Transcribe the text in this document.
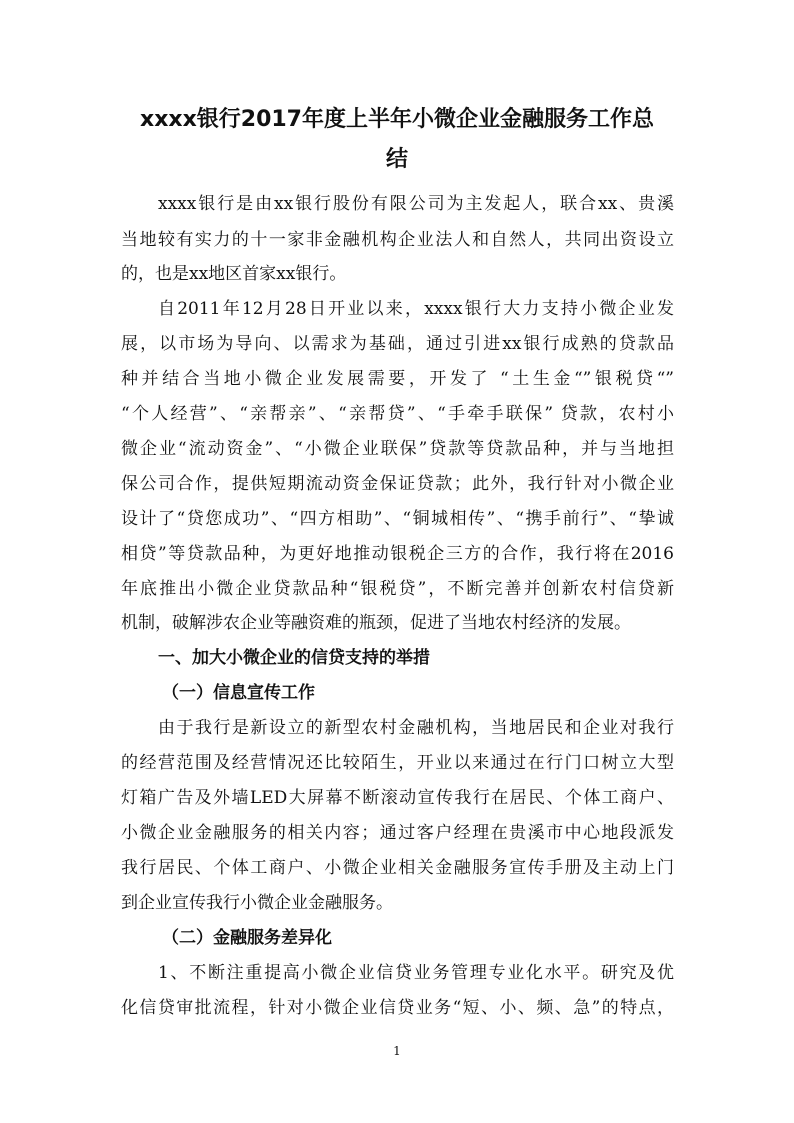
xxxx银行2017年度上半年小微企业金融服务工作总
结
xxxx银行是由xx银行股份有限公司为主发起人，联合xx、贵溪
当地较有实力的十一家非金融机构企业法人和自然人，共同出资设立
的，也是xx地区首家xx银行。
自2011年12月28日开业以来，xxxx银行大力支持小微企业发
展，以市场为导向、以需求为基础，通过引进xx银行成熟的贷款品
种并结合当地小微企业发展需要，开发了 “土生金“”银税贷“”
“个人经营”、“亲帮亲”、“亲帮贷”、“手牵手联保” 贷款，农村小
微企业“流动资金”、“小微企业联保”贷款等贷款品种，并与当地担
保公司合作，提供短期流动资金保证贷款；此外，我行针对小微企业
设计了“贷您成功”、“四方相助”、“铜城相传”、“携手前行”、“挚诚
相贷”等贷款品种，为更好地推动银税企三方的合作，我行将在2016
年底推出小微企业贷款品种“银税贷”，不断完善并创新农村信贷新
机制，破解涉农企业等融资难的瓶颈，促进了当地农村经济的发展。
一、加大小微企业的信贷支持的举措
（一）信息宣传工作
由于我行是新设立的新型农村金融机构，当地居民和企业对我行
的经营范围及经营情况还比较陌生，开业以来通过在行门口树立大型
灯箱广告及外墙LED大屏幕不断滚动宣传我行在居民、个体工商户、
小微企业金融服务的相关内容；通过客户经理在贵溪市中心地段派发
我行居民、个体工商户、小微企业相关金融服务宣传手册及主动上门
到企业宣传我行小微企业金融服务。
（二）金融服务差异化
1、不断注重提高小微企业信贷业务管理专业化水平。研究及优
化信贷审批流程，针对小微企业信贷业务“短、小、频、急”的特点，
1
